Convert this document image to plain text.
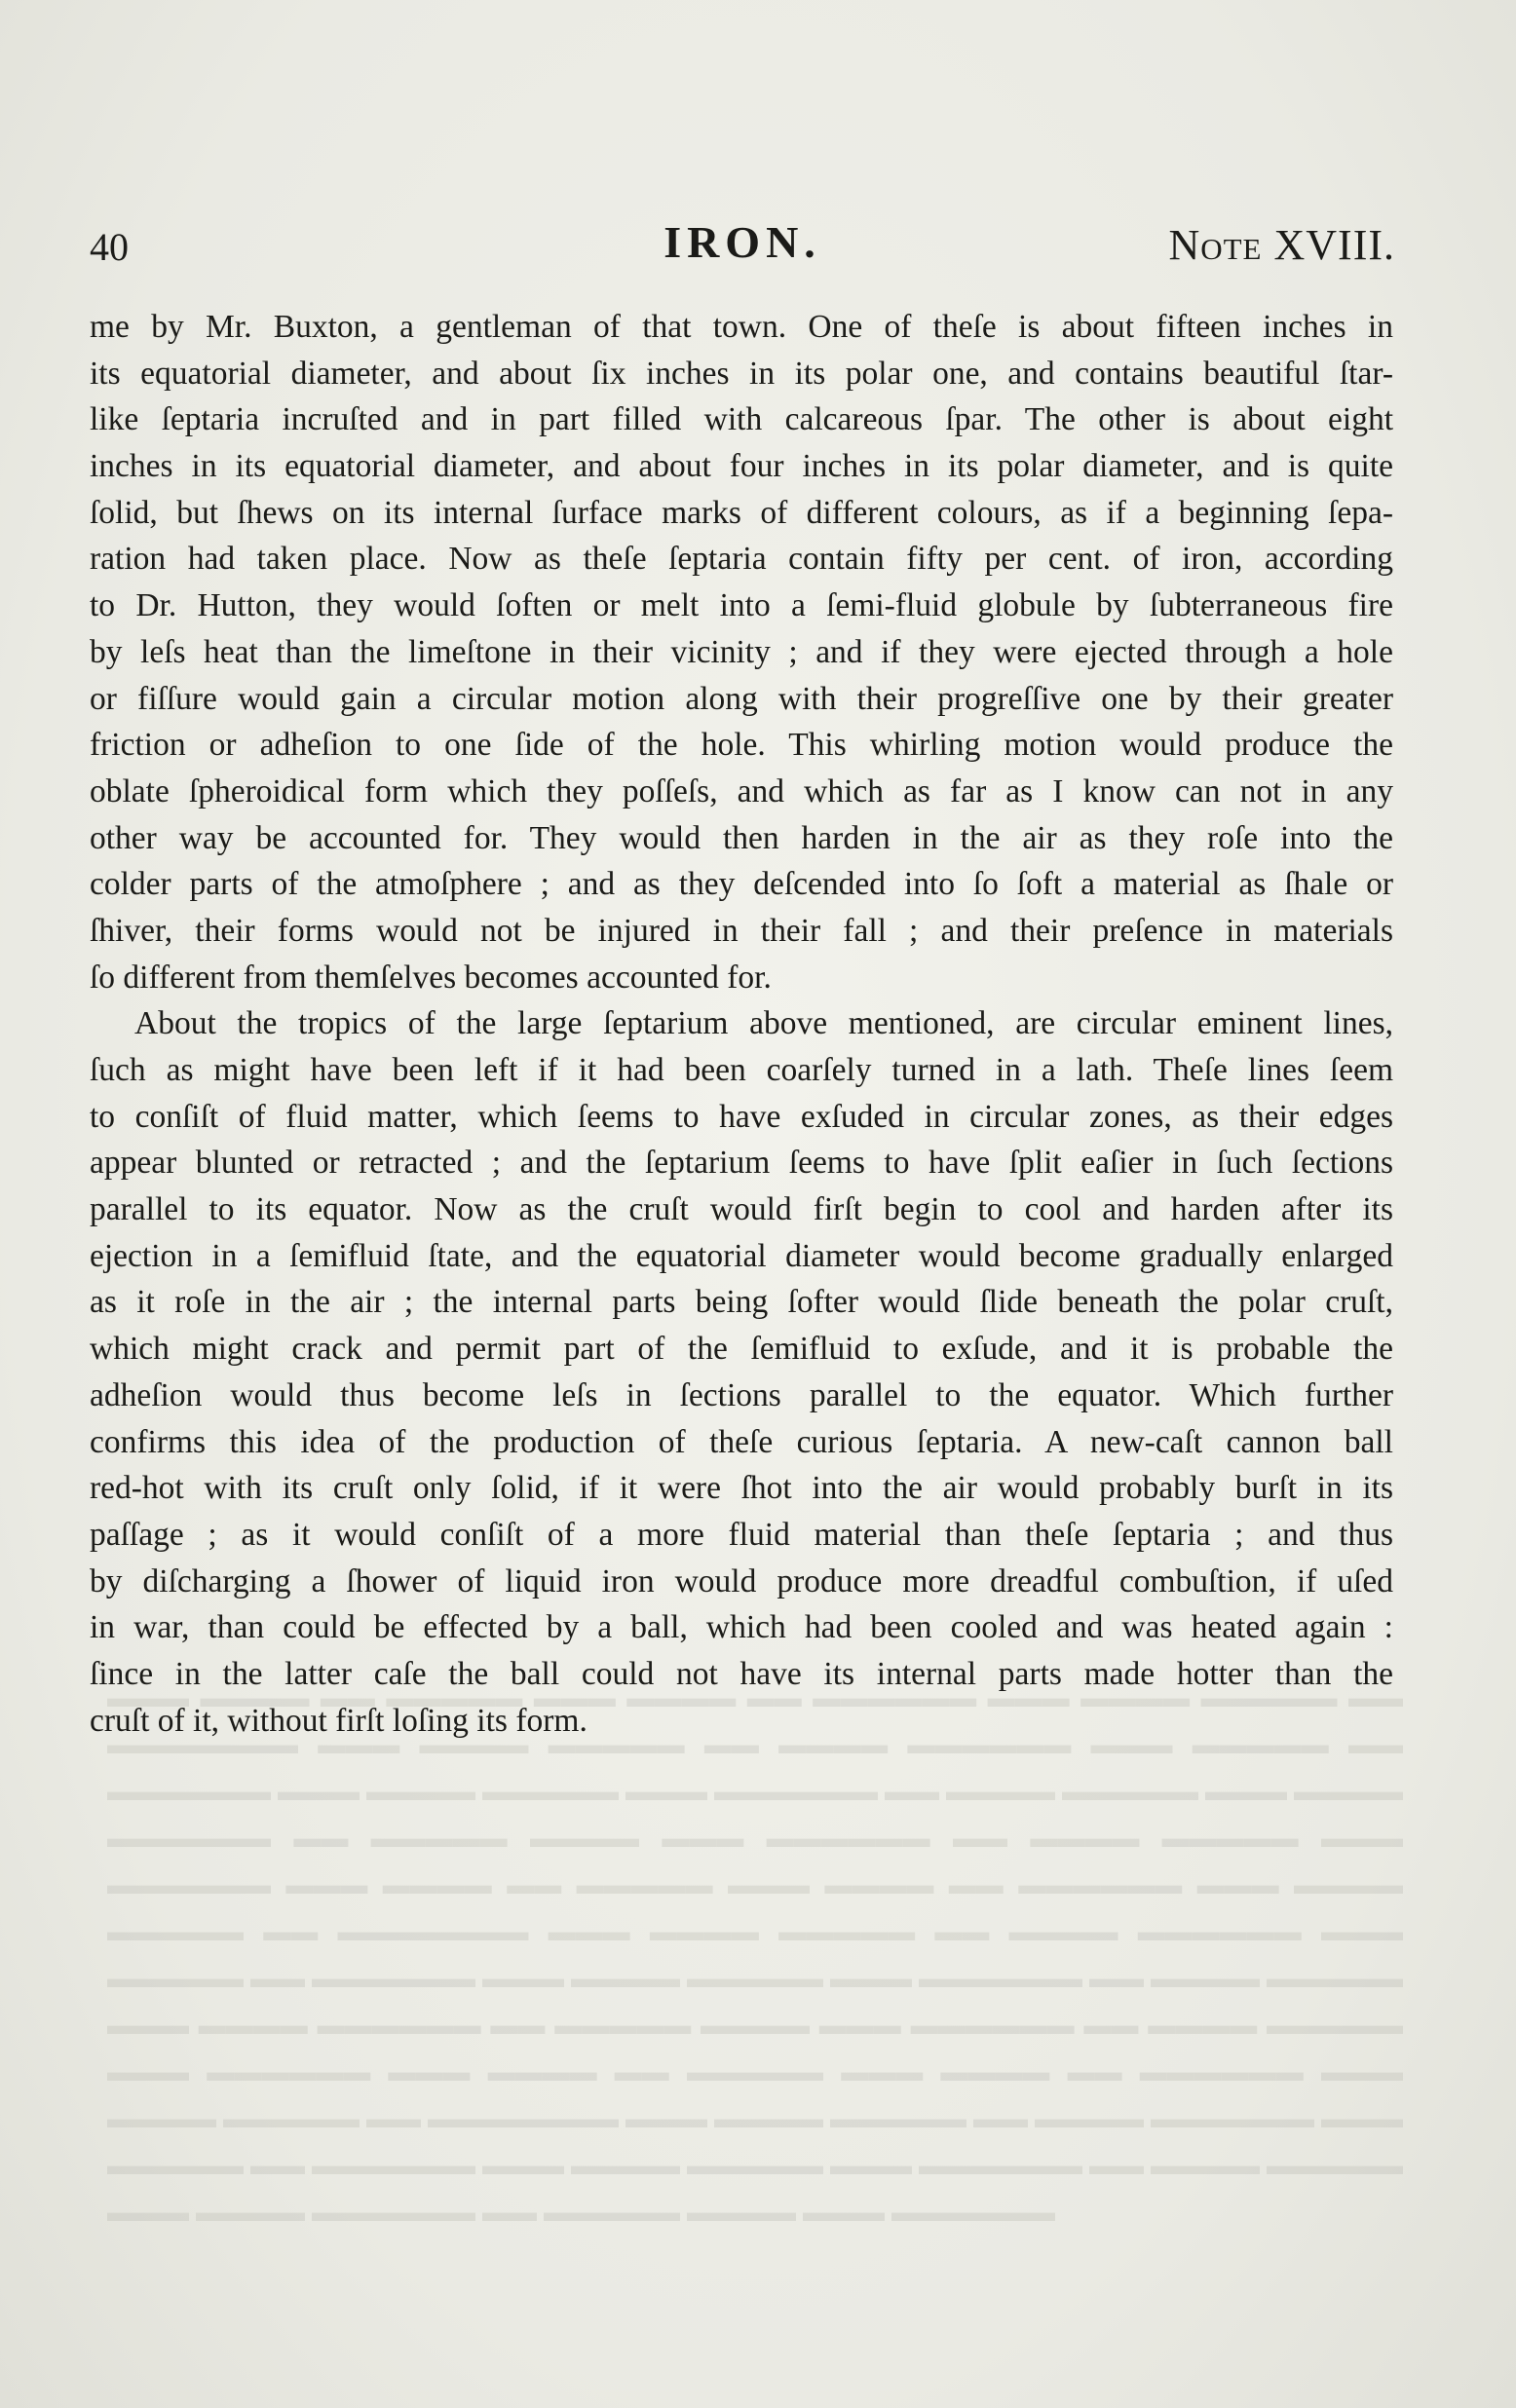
▬▬▬ ▬▬▬▬ ▬▬ ▬▬▬▬▬ ▬▬▬ ▬▬▬▬ ▬▬ ▬▬▬▬▬▬ ▬▬▬ ▬▬▬▬ ▬▬▬▬▬ ▬▬ ▬▬▬▬▬▬▬ ▬▬▬ ▬▬▬▬ ▬▬▬▬▬ ▬▬ ▬▬▬▬ ▬▬▬▬▬▬ ▬▬▬ ▬▬▬▬▬ ▬▬ ▬▬▬▬▬▬ ▬▬▬ ▬▬▬▬ ▬▬▬▬▬ ▬▬▬ ▬▬▬▬▬▬ ▬▬ ▬▬▬▬ ▬▬▬▬▬ ▬▬▬ ▬▬▬▬ ▬▬▬▬▬▬ ▬▬ ▬▬▬▬▬ ▬▬▬▬ ▬▬▬ ▬▬▬▬▬▬ ▬▬ ▬▬▬▬ ▬▬▬▬▬ ▬▬▬ ▬▬▬▬▬▬ ▬▬▬ ▬▬▬▬ ▬▬ ▬▬▬▬▬ ▬▬▬ ▬▬▬▬ ▬▬ ▬▬▬▬▬▬ ▬▬▬ ▬▬▬▬ ▬▬▬▬▬ ▬▬ ▬▬▬▬▬▬▬ ▬▬▬ ▬▬▬▬ ▬▬▬▬▬ ▬▬ ▬▬▬▬ ▬▬▬▬▬▬ ▬▬▬ ▬▬▬▬▬ ▬▬ ▬▬▬▬▬▬ ▬▬▬ ▬▬▬▬ ▬▬▬▬▬ ▬▬▬ ▬▬▬▬▬▬ ▬▬ ▬▬▬▬ ▬▬▬▬▬ ▬▬▬ ▬▬▬▬ ▬▬▬▬▬▬ ▬▬ ▬▬▬▬▬ ▬▬▬▬ ▬▬▬ ▬▬▬▬▬▬ ▬▬ ▬▬▬▬ ▬▬▬▬▬ ▬▬▬ ▬▬▬▬▬▬ ▬▬▬ ▬▬▬▬ ▬▬ ▬▬▬▬▬ ▬▬▬ ▬▬▬▬ ▬▬ ▬▬▬▬▬▬ ▬▬▬ ▬▬▬▬ ▬▬▬▬▬ ▬▬ ▬▬▬▬▬▬▬ ▬▬▬ ▬▬▬▬ ▬▬▬▬▬ ▬▬ ▬▬▬▬ ▬▬▬▬▬▬ ▬▬▬ ▬▬▬▬▬ ▬▬ ▬▬▬▬▬▬ ▬▬▬ ▬▬▬▬ ▬▬▬▬▬ ▬▬▬ ▬▬▬▬▬▬ ▬▬ ▬▬▬▬ ▬▬▬▬▬ ▬▬▬ ▬▬▬▬ ▬▬▬▬▬▬ ▬▬ ▬▬▬▬▬ ▬▬▬▬ ▬▬▬ ▬▬▬▬▬▬
40	IRON.	Note XVIII.
me by Mr. Buxton, a gentleman of that town. One of theſe is about fifteen inches in
its equatorial diameter, and about ſix inches in its polar one, and contains beautiful ſtar-
like ſeptaria incruſted and in part filled with calcareous ſpar. The other is about eight
inches in its equatorial diameter, and about four inches in its polar diameter, and is quite
ſolid, but ſhews on its internal ſurface marks of different colours, as if a beginning ſepa-
ration had taken place. Now as theſe ſeptaria contain fifty per cent. of iron, according
to Dr. Hutton, they would ſoften or melt into a ſemi-fluid globule by ſubterraneous fire
by leſs heat than the limeſtone in their vicinity ; and if they were ejected through a hole
or fiſſure would gain a circular motion along with their progreſſive one by their greater
friction or adheſion to one ſide of the hole. This whirling motion would produce the
oblate ſpheroidical form which they poſſeſs, and which as far as I know can not in any
other way be accounted for. They would then harden in the air as they roſe into the
colder parts of the atmoſphere ; and as they deſcended into ſo ſoft a material as ſhale or
ſhiver, their forms would not be injured in their fall ; and their preſence in materials
ſo different from themſelves becomes accounted for.
About the tropics of the large ſeptarium above mentioned, are circular eminent lines,
ſuch as might have been left if it had been coarſely turned in a lath. Theſe lines ſeem
to conſiſt of fluid matter, which ſeems to have exſuded in circular zones, as their edges
appear blunted or retracted ; and the ſeptarium ſeems to have ſplit eaſier in ſuch ſections
parallel to its equator. Now as the cruſt would firſt begin to cool and harden after its
ejection in a ſemifluid ſtate, and the equatorial diameter would become gradually enlarged
as it roſe in the air ; the internal parts being ſofter would ſlide beneath the polar cruſt,
which might crack and permit part of the ſemifluid to exſude, and it is probable the
adheſion would thus become leſs in ſections parallel to the equator. Which further
confirms this idea of the production of theſe curious ſeptaria. A new-caſt cannon ball
red-hot with its cruſt only ſolid, if it were ſhot into the air would probably burſt in its
paſſage ; as it would conſiſt of a more fluid material than theſe ſeptaria ; and thus
by diſcharging a ſhower of liquid iron would produce more dreadful combuſtion, if uſed
in war, than could be effected by a ball, which had been cooled and was heated again :
ſince in the latter caſe the ball could not have its internal parts made hotter than the
cruſt of it, without firſt loſing its form.
